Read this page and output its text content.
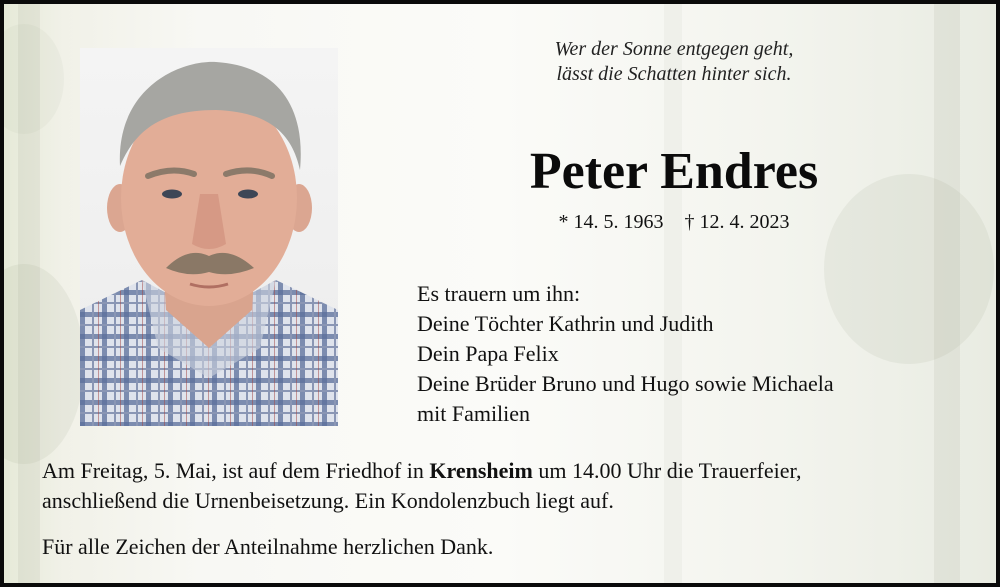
Wer der Sonne entgegen geht,
lässt die Schatten hinter sich.
Peter Endres
* 14. 5. 1963 † 12. 4. 2023
Es trauern um ihn:
Deine Töchter Kathrin und Judith
Dein Papa Felix
Deine Brüder Bruno und Hugo sowie Michaela
mit Familien
Am Freitag, 5. Mai, ist auf dem Friedhof in Krensheim um 14.00 Uhr die Trauerfeier,
anschließend die Urnenbeisetzung. Ein Kondolenzbuch liegt auf.
Für alle Zeichen der Anteilnahme herzlichen Dank.
